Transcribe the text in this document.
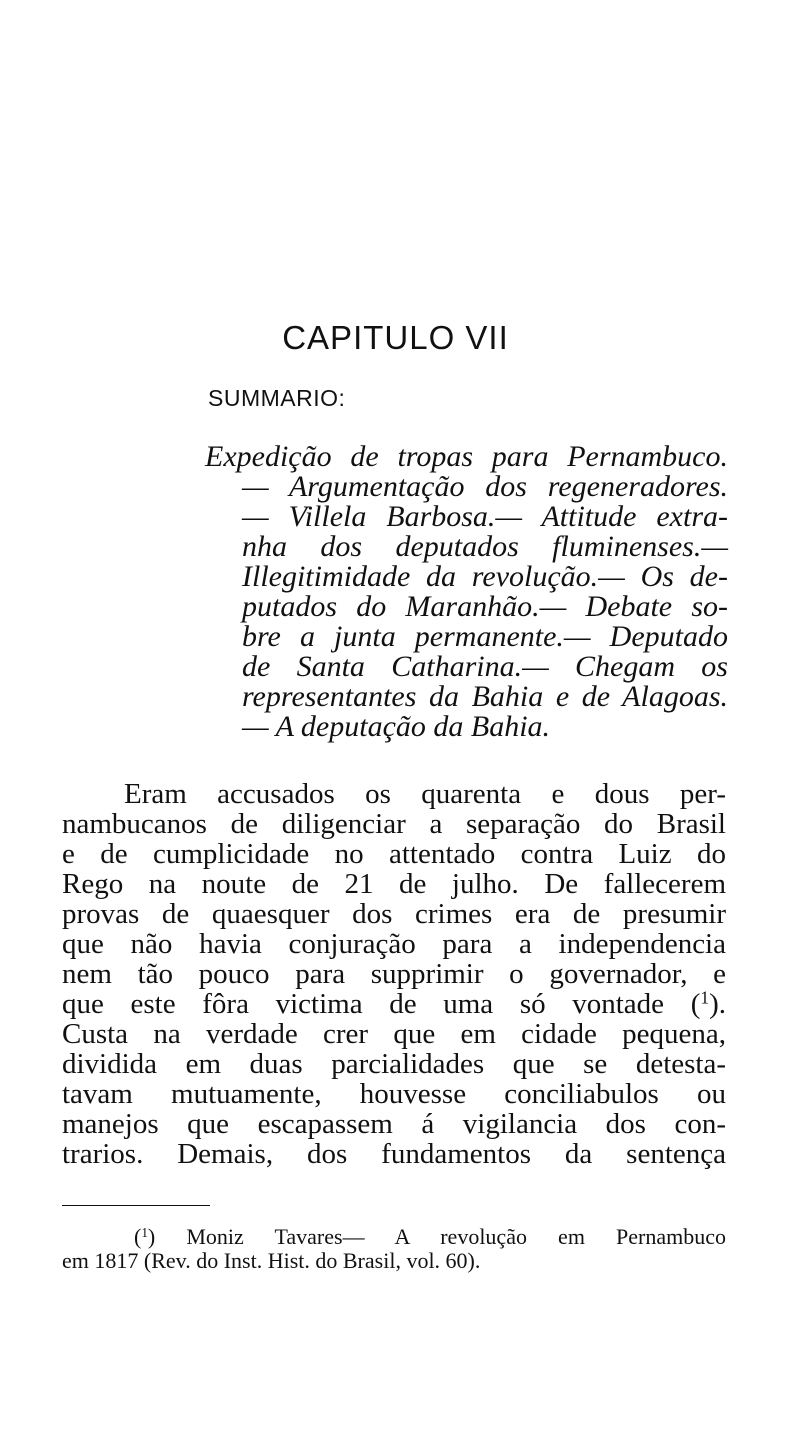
CAPITULO VII
SUMMARIO:
Expedição de tropas para Pernambuco.
— Argumentação dos regeneradores.
— Villela Barbosa.— Attitude extra-
nha dos deputados fluminenses.—
Illegitimidade da revolução.— Os de-
putados do Maranhão.— Debate so-
bre a junta permanente.— Deputado
de Santa Catharina.— Chegam os
representantes da Bahia e de Alagoas.
— A deputação da Bahia.
Eram accusados os quarenta e dous per-
nambucanos de diligenciar a separação do Brasil
e de cumplicidade no attentado contra Luiz do
Rego na noute de 21 de julho. De fallecerem
provas de quaesquer dos crimes era de presumir
que não havia conjuração para a independencia
nem tão pouco para supprimir o governador, e
que este fôra victima de uma só vontade ($^1$).
Custa na verdade crer que em cidade pequena,
dividida em duas parcialidades que se detesta-
tavam mutuamente, houvesse conciliabulos ou
manejos que escapassem á vigilancia dos con-
trarios. Demais, dos fundamentos da sentença
($^1$) Moniz Tavares— A revolução em Pernambuco
em 1817 (Rev. do Inst. Hist. do Brasil, vol. 60).
